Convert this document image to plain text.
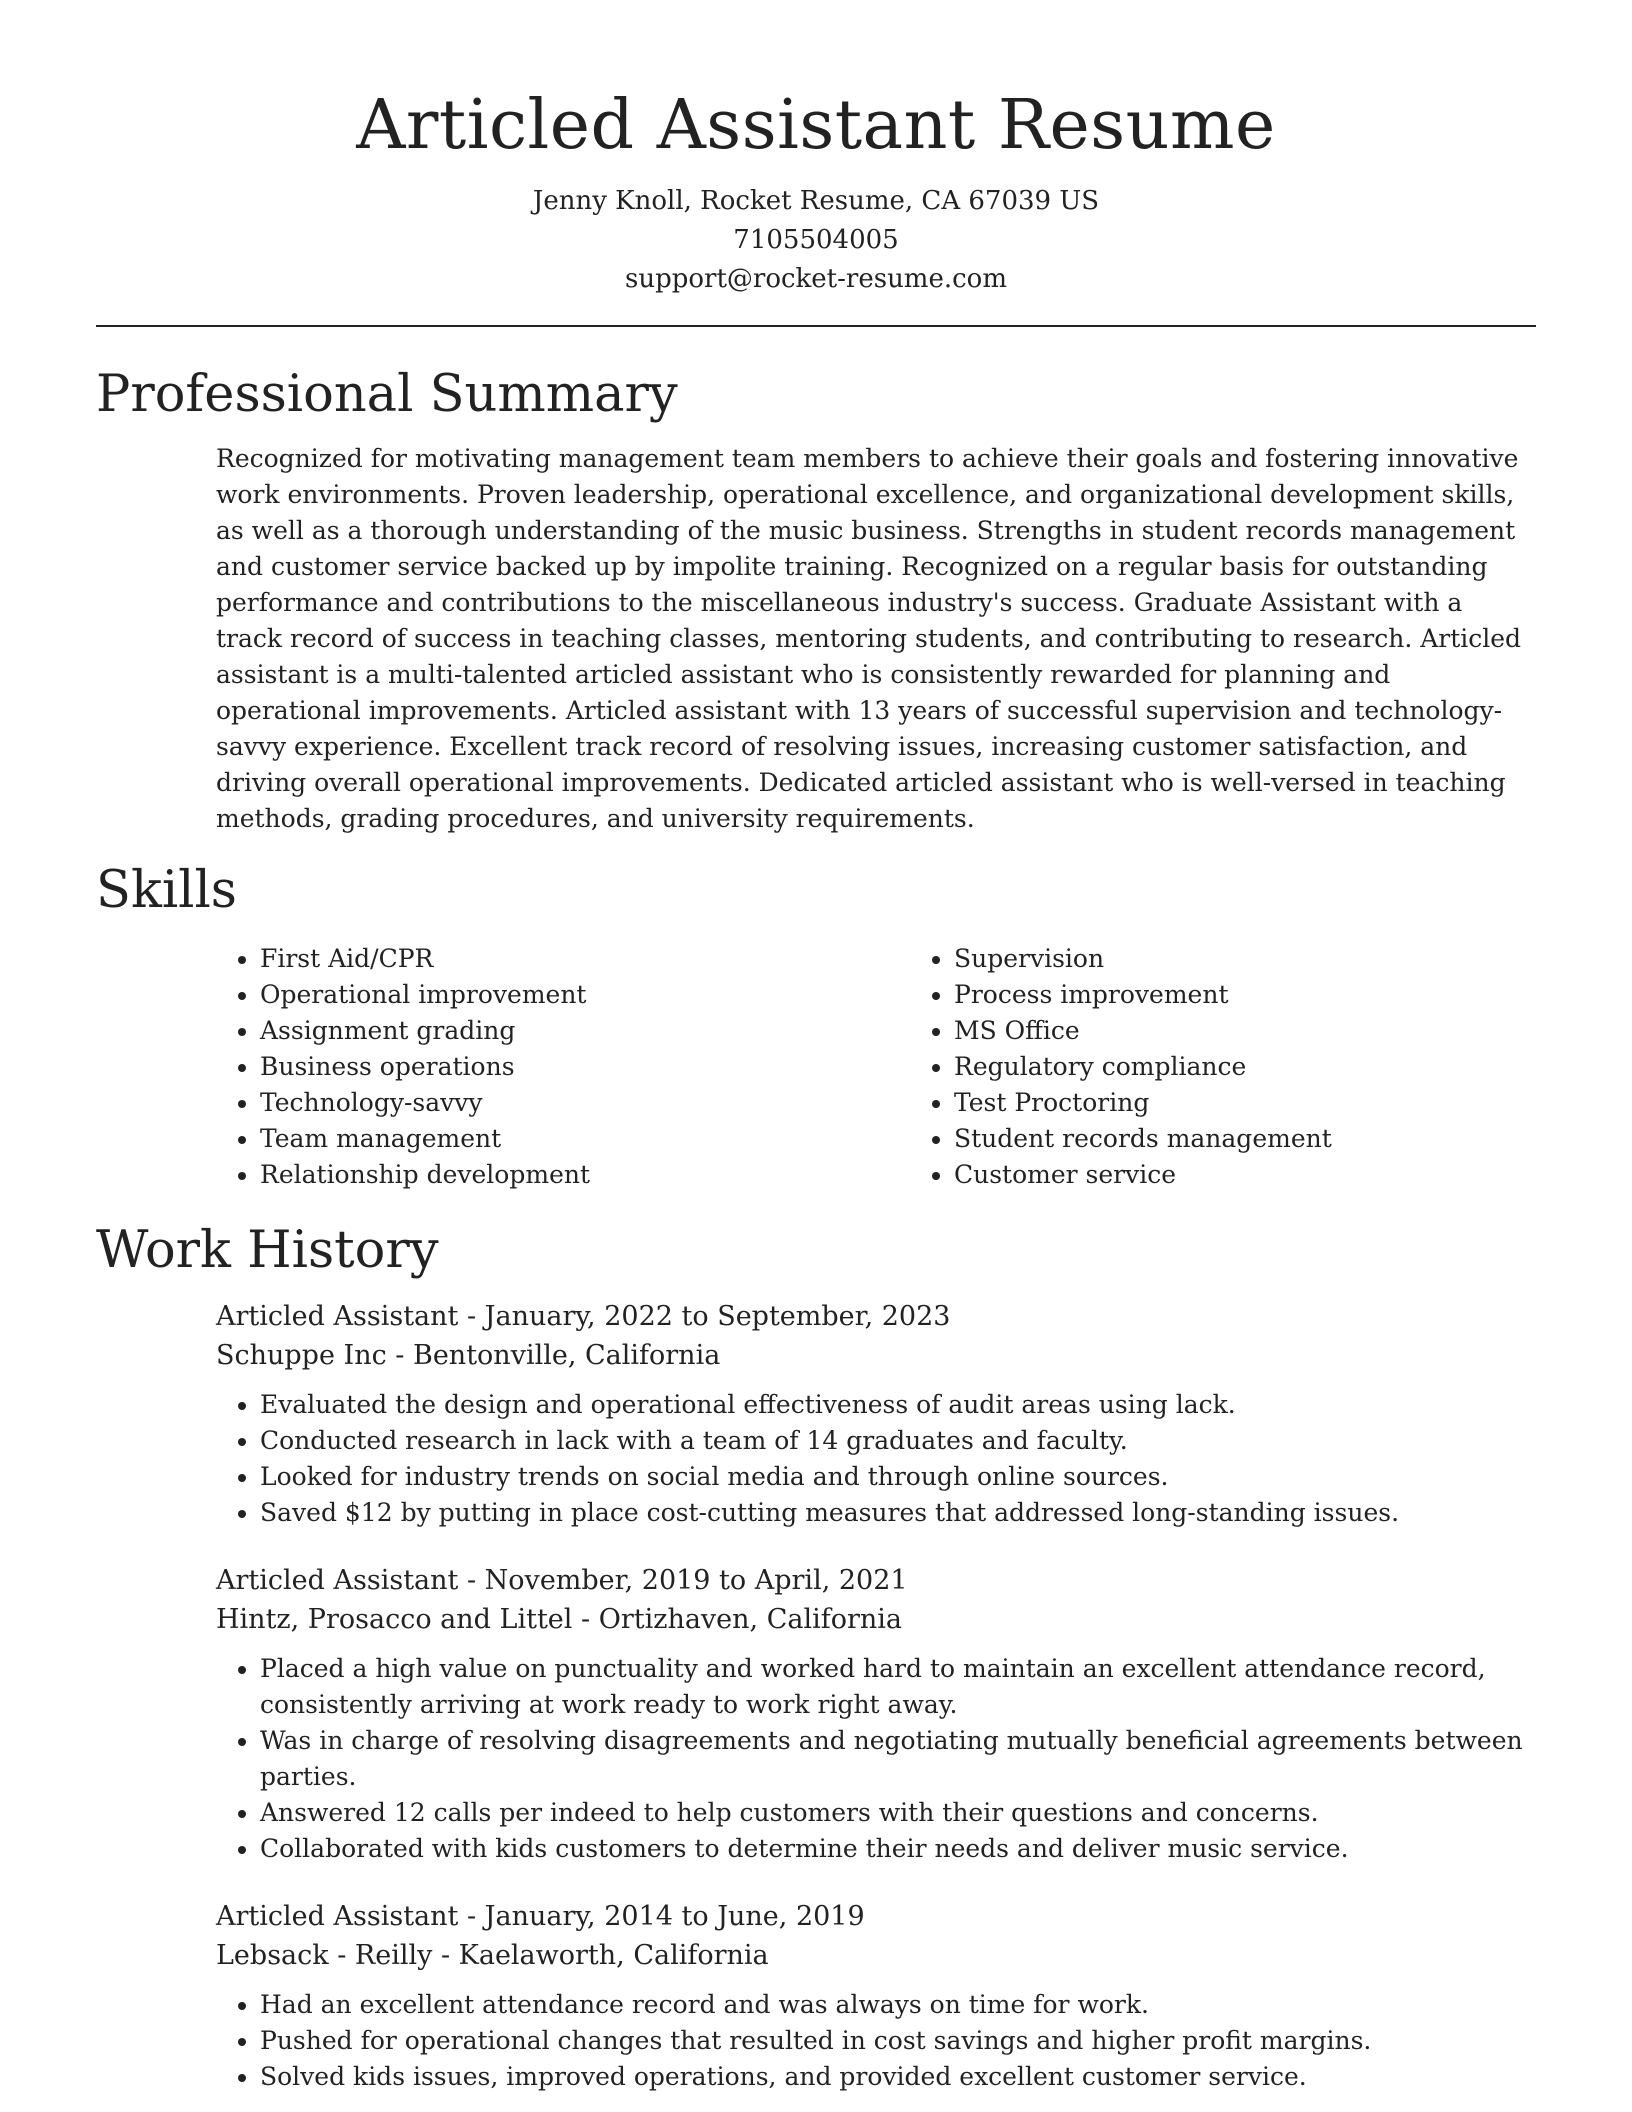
Articled Assistant Resume
Jenny Knoll, Rocket Resume, CA 67039 US
7105504005
support@rocket-resume.com
Professional Summary

Recognized for motivating management team members to achieve their goals and fostering innovative work environments. Proven leadership, operational excellence, and organizational development skills, as well as a thorough understanding of the music business. Strengths in student records management and customer service backed up by impolite training. Recognized on a regular basis for outstanding performance and contributions to the miscellaneous industry's success. Graduate Assistant with a track record of success in teaching classes, mentoring students, and contributing to research. Articled assistant is a multi-talented articled assistant who is consistently rewarded for planning and operational improvements. Articled assistant with 13 years of successful supervision and technology-savvy experience. Excellent track record of resolving issues, increasing customer satisfaction, and driving overall operational improvements. Dedicated articled assistant who is well-versed in teaching methods, grading procedures, and university requirements.

Skills
• First Aid/CPR
• Operational improvement
• Assignment grading
• Business operations
• Technology-savvy
• Team management
• Relationship development
• Supervision
• Process improvement
• MS Office
• Regulatory compliance
• Test Proctoring
• Student records management
• Customer service
Work History
Articled Assistant - January, 2022 to September, 2023
Schuppe Inc - Bentonville, California
• Evaluated the design and operational effectiveness of audit areas using lack.
• Conducted research in lack with a team of 14 graduates and faculty.
• Looked for industry trends on social media and through online sources.
• Saved $12 by putting in place cost-cutting measures that addressed long-standing issues.
Articled Assistant - November, 2019 to April, 2021
Hintz, Prosacco and Littel - Ortizhaven, California
• Placed a high value on punctuality and worked hard to maintain an excellent attendance record, consistently arriving at work ready to work right away.
• Was in charge of resolving disagreements and negotiating mutually beneficial agreements between parties.
• Answered 12 calls per indeed to help customers with their questions and concerns.
• Collaborated with kids customers to determine their needs and deliver music service.
Articled Assistant - January, 2014 to June, 2019
Lebsack - Reilly - Kaelaworth, California
• Had an excellent attendance record and was always on time for work.
• Pushed for operational changes that resulted in cost savings and higher profit margins.
• Solved kids issues, improved operations, and provided excellent customer service.
